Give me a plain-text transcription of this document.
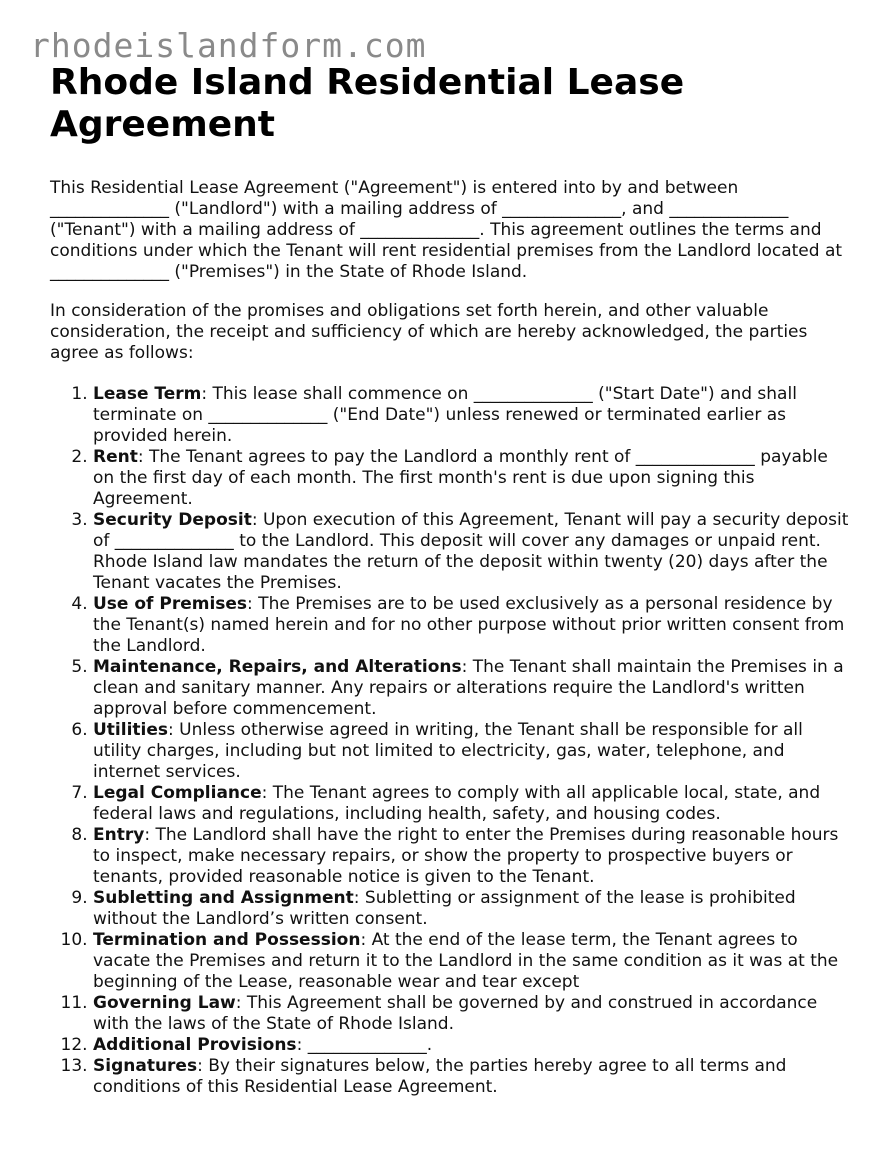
rhodeislandform.com
Rhode Island Residential Lease Agreement

This Residential Lease Agreement ("Agreement") is entered into by and between ______________ ("Landlord") with a mailing address of ______________, and ______________ ("Tenant") with a mailing address of ______________. This agreement outlines the terms and conditions under which the Tenant will rent residential premises from the Landlord located at ______________ ("Premises") in the State of Rhode Island.

In consideration of the promises and obligations set forth herein, and other valuable consideration, the receipt and sufficiency of which are hereby acknowledged, the parties agree as follows:

1. Lease Term: This lease shall commence on ______________ ("Start Date") and shall terminate on ______________ ("End Date") unless renewed or terminated earlier as provided herein.
2. Rent: The Tenant agrees to pay the Landlord a monthly rent of ______________ payable on the first day of each month. The first month's rent is due upon signing this Agreement.
3. Security Deposit: Upon execution of this Agreement, Tenant will pay a security deposit of ______________ to the Landlord. This deposit will cover any damages or unpaid rent. Rhode Island law mandates the return of the deposit within twenty (20) days after the Tenant vacates the Premises.
4. Use of Premises: The Premises are to be used exclusively as a personal residence by the Tenant(s) named herein and for no other purpose without prior written consent from the Landlord.
5. Maintenance, Repairs, and Alterations: The Tenant shall maintain the Premises in a clean and sanitary manner. Any repairs or alterations require the Landlord's written approval before commencement.
6. Utilities: Unless otherwise agreed in writing, the Tenant shall be responsible for all utility charges, including but not limited to electricity, gas, water, telephone, and internet services.
7. Legal Compliance: The Tenant agrees to comply with all applicable local, state, and federal laws and regulations, including health, safety, and housing codes.
8. Entry: The Landlord shall have the right to enter the Premises during reasonable hours to inspect, make necessary repairs, or show the property to prospective buyers or tenants, provided reasonable notice is given to the Tenant.
9. Subletting and Assignment: Subletting or assignment of the lease is prohibited without the Landlord’s written consent.
10. Termination and Possession: At the end of the lease term, the Tenant agrees to vacate the Premises and return it to the Landlord in the same condition as it was at the beginning of the Lease, reasonable wear and tear except
11. Governing Law: This Agreement shall be governed by and construed in accordance with the laws of the State of Rhode Island.
12. Additional Provisions: ______________.
13. Signatures: By their signatures below, the parties hereby agree to all terms and conditions of this Residential Lease Agreement.
